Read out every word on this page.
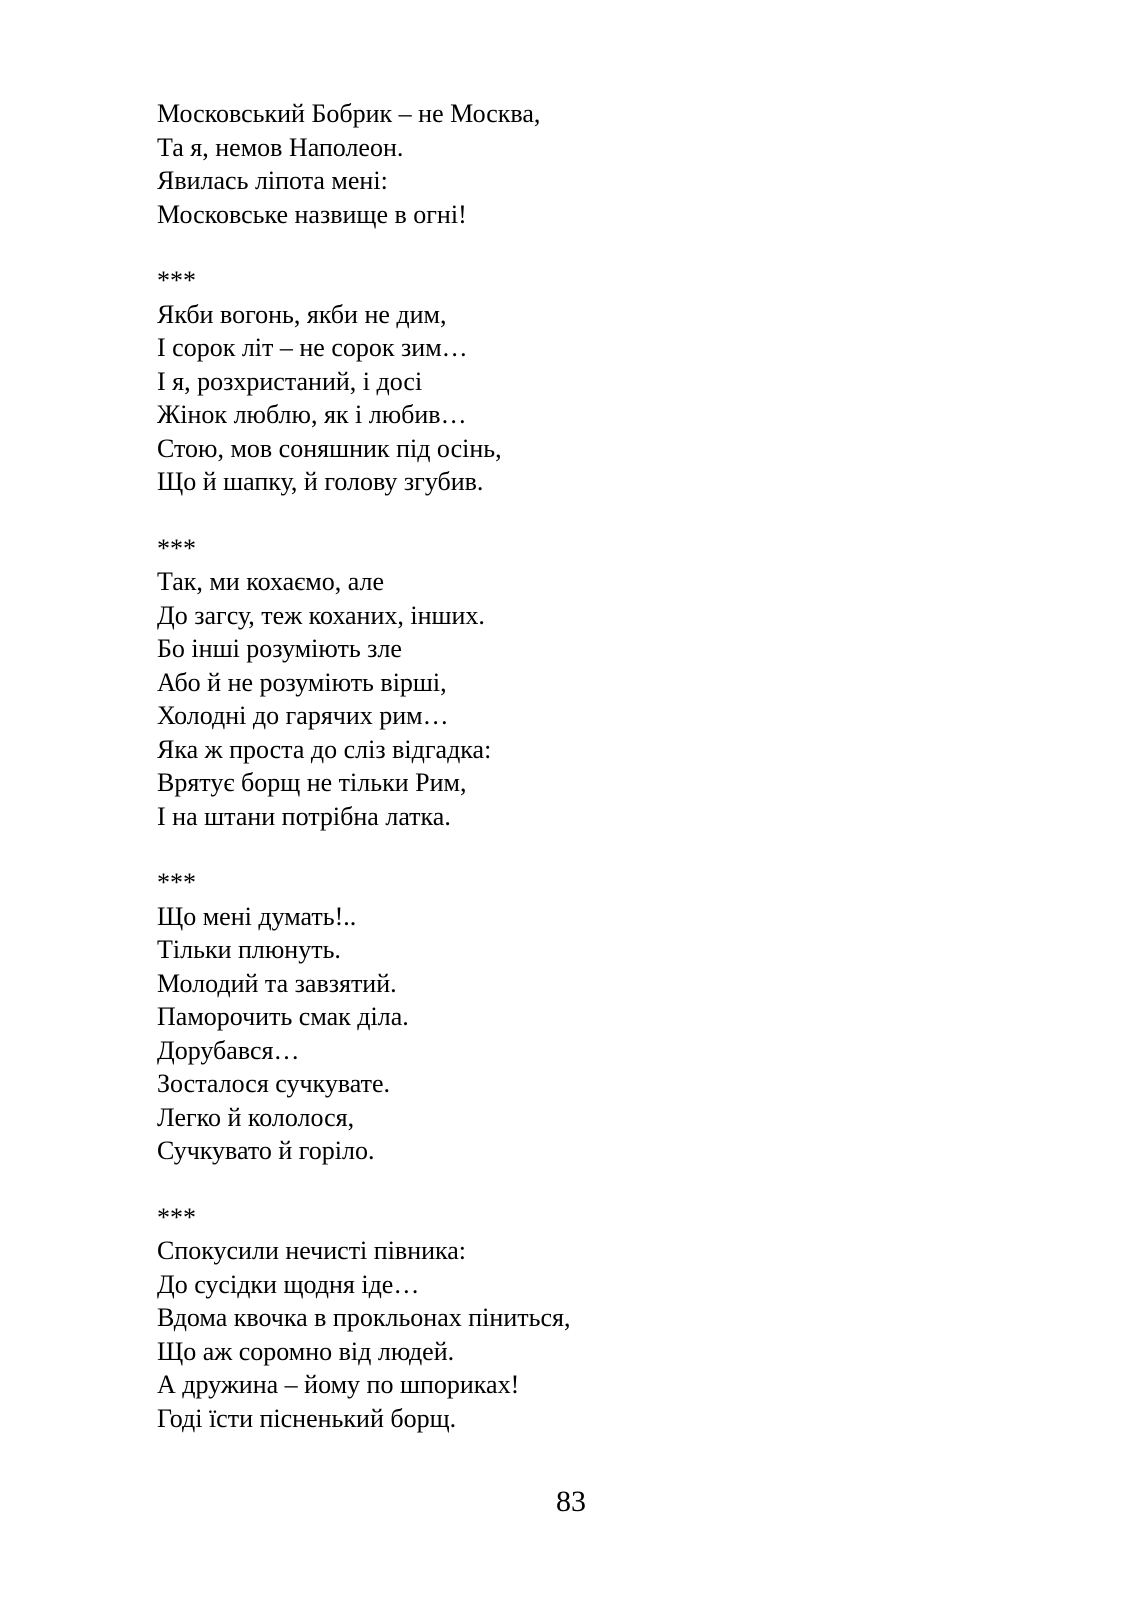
Московський Бобрик – не Москва,
Та я, немов Наполеон.
Явилась ліпота мені:
Московське назвище в огні!
***
Якби вогонь, якби не дим,
І сорок літ – не сорок зим…
І я, розхристаний, і досі
Жінок люблю, як і любив…
Стою, мов соняшник під осінь,
Що й шапку, й голову згубив.
***
Так, ми кохаємо, але
До загсу, теж коханих, інших.
Бо інші розуміють зле
Або й не розуміють вірші,
Холодні до гарячих рим…
Яка ж проста до сліз відгадка:
Врятує борщ не тільки Рим,
І на штани потрібна латка.
***
Що мені думать!..
Тільки плюнуть.
Молодий та завзятий.
Паморочить смак діла.
Дорубався…
Зосталося сучкувате.
Легко й кололося,
Сучкувато й горіло.
***
Спокусили нечисті півника:
До сусідки щодня іде…
Вдома квочка в прокльонах піниться,
Що аж соромно від людей.
А дружина – йому по шпориках!
Годі їсти пісненький борщ.
83
